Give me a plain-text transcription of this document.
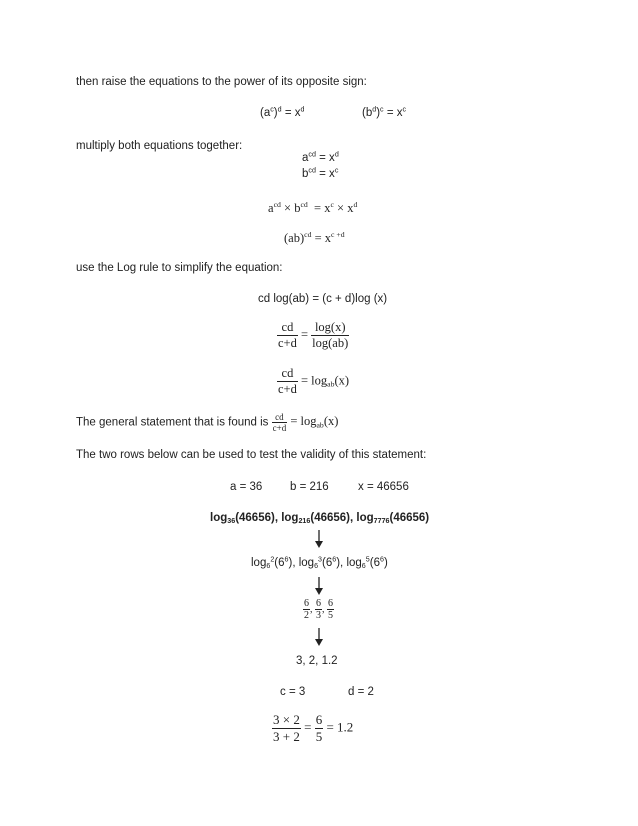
then raise the equations to the power of its opposite sign:
$(a^c)^d = x^d$	$(b^d)^c = x^c$
multiply both equations together:
$a^{cd} = x^d$
$b^{cd} = x^c$
$a^{cd} \times b^{cd} = x^c \times x^d$
$(ab)^{cd} = x^{c +d}$
use the Log rule to simplify the equation:
cd log(ab) = (c + d)log (x)
$\frac{cd}{c+d} = \frac{\log(x)}{\log(ab)}$
$\frac{cd}{c+d} = \log_{ab}(x)$
The general statement that is found is $\frac{cd}{c+d} = \log_{ab}(x)$
The two rows below can be used to test the validity of this statement:
a = 36 b = 216	x = 46656
$\log_{36}(46656)$, $\log_{216}(46656)$, $\log_{7776}(46656)$
$\log_6^2(6^6)$, $\log_6^3(6^6)$, $\log_6^5(6^6)$
$\frac{6}{2}$ , $\frac{6}{3}$ , $\frac{6}{5}$
3, 2, 1.2
c = 3	d = 2
$\frac{3 \times 2}{3 + 2} = \frac{6}{5} = 1.2$
